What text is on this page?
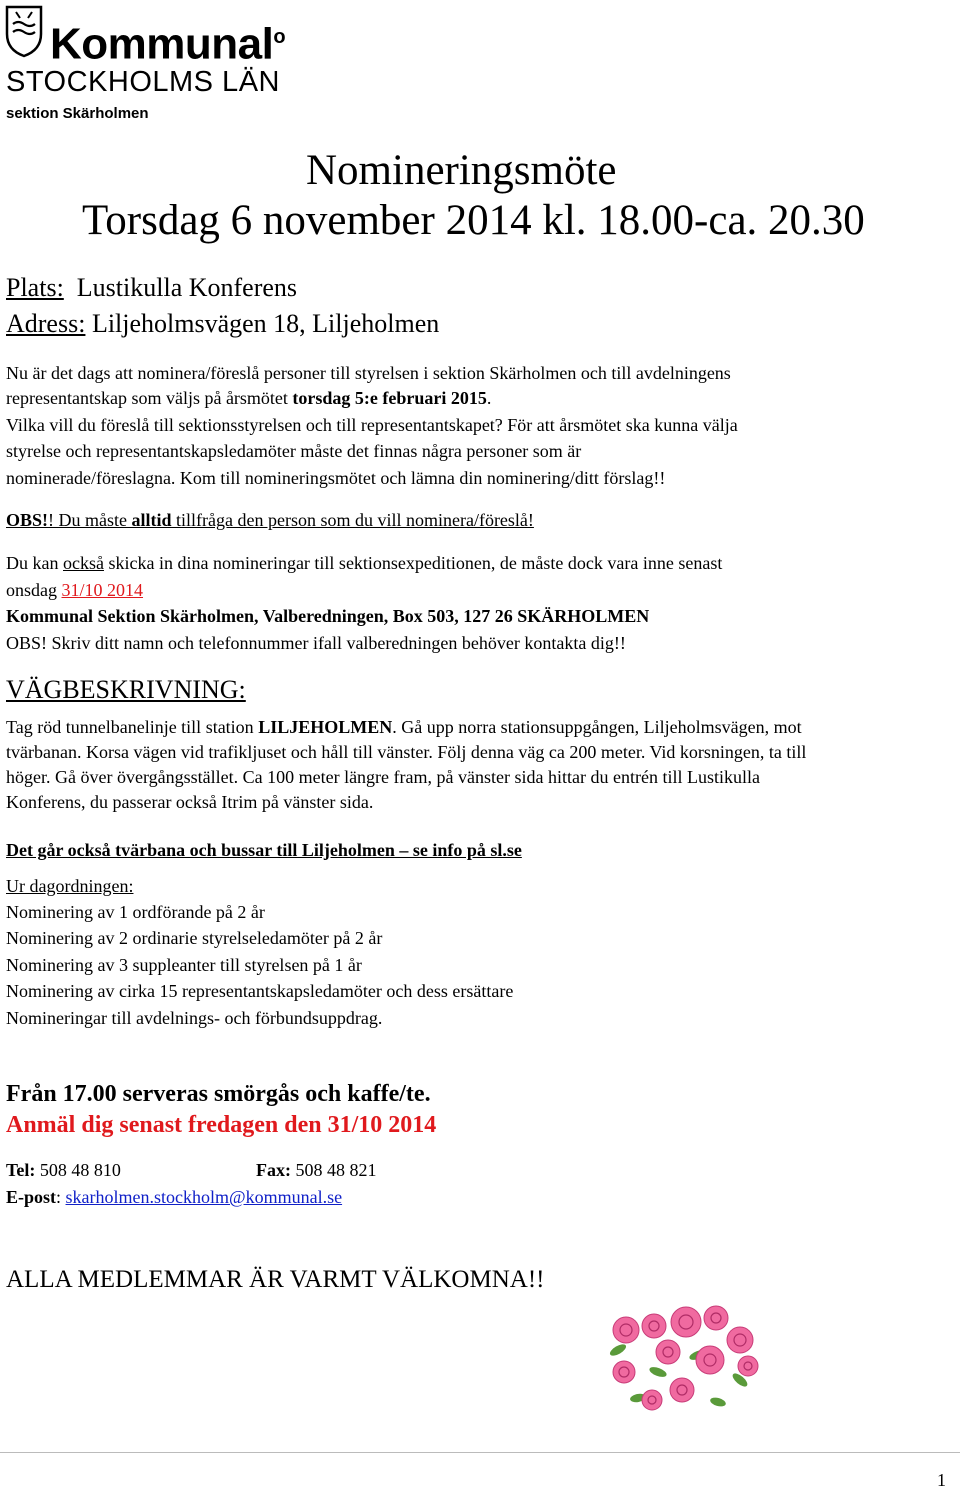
Kommunal$^o$
STOCKHOLMS LÄN
sektion Skärholmen
Nomineringsmöte
Torsdag 6 november 2014 kl. 18.00-ca. 20.30
Plats: Lustikulla Konferens
Adress: Liljeholmsvägen 18, Liljeholmen
Nu är det dags att nominera/föreslå personer till styrelsen i sektion Skärholmen och till avdelningens
representantskap som väljs på årsmötet torsdag 5:e februari 2015.
Vilka vill du föreslå till sektionsstyrelsen och till representantskapet? För att årsmötet ska kunna välja
styrelse och representantskapsledamöter måste det finnas några personer som är
nominerade/föreslagna. Kom till nomineringsmötet och lämna din nominering/ditt förslag!!
OBS!! Du måste alltid tillfråga den person som du vill nominera/föreslå!
Du kan också skicka in dina nomineringar till sektionsexpeditionen, de måste dock vara inne senast
onsdag 31/10 2014
Kommunal Sektion Skärholmen, Valberedningen, Box 503, 127 26 SKÄRHOLMEN
OBS! Skriv ditt namn och telefonnummer ifall valberedningen behöver kontakta dig!!
VÄGBESKRIVNING:
Tag röd tunnelbanelinje till station LILJEHOLMEN. Gå upp norra stationsuppgången, Liljeholmsvägen, mot
tvärbanan. Korsa vägen vid trafikljuset och håll till vänster. Följ denna väg ca 200 meter. Vid korsningen, ta till
höger. Gå över övergångsstället. Ca 100 meter längre fram, på vänster sida hittar du entrén till Lustikulla
Konferens, du passerar också Itrim på vänster sida.
Det går också tvärbana och bussar till Liljeholmen – se info på sl.se
Ur dagordningen:
Nominering av 1 ordförande på 2 år
Nominering av 2 ordinarie styrelseledamöter på 2 år
Nominering av 3 suppleanter till styrelsen på 1 år
Nominering av cirka 15 representantskapsledamöter och dess ersättare
Nomineringar till avdelnings- och förbundsuppdrag.
Från 17.00 serveras smörgås och kaffe/te.
Anmäl dig senast fredagen den 31/10 2014
Tel: 508 48 810	Fax: 508 48 821
E-post: skarholmen.stockholm@kommunal.se
ALLA MEDLEMMAR ÄR VARMT VÄLKOMNA!!
1
